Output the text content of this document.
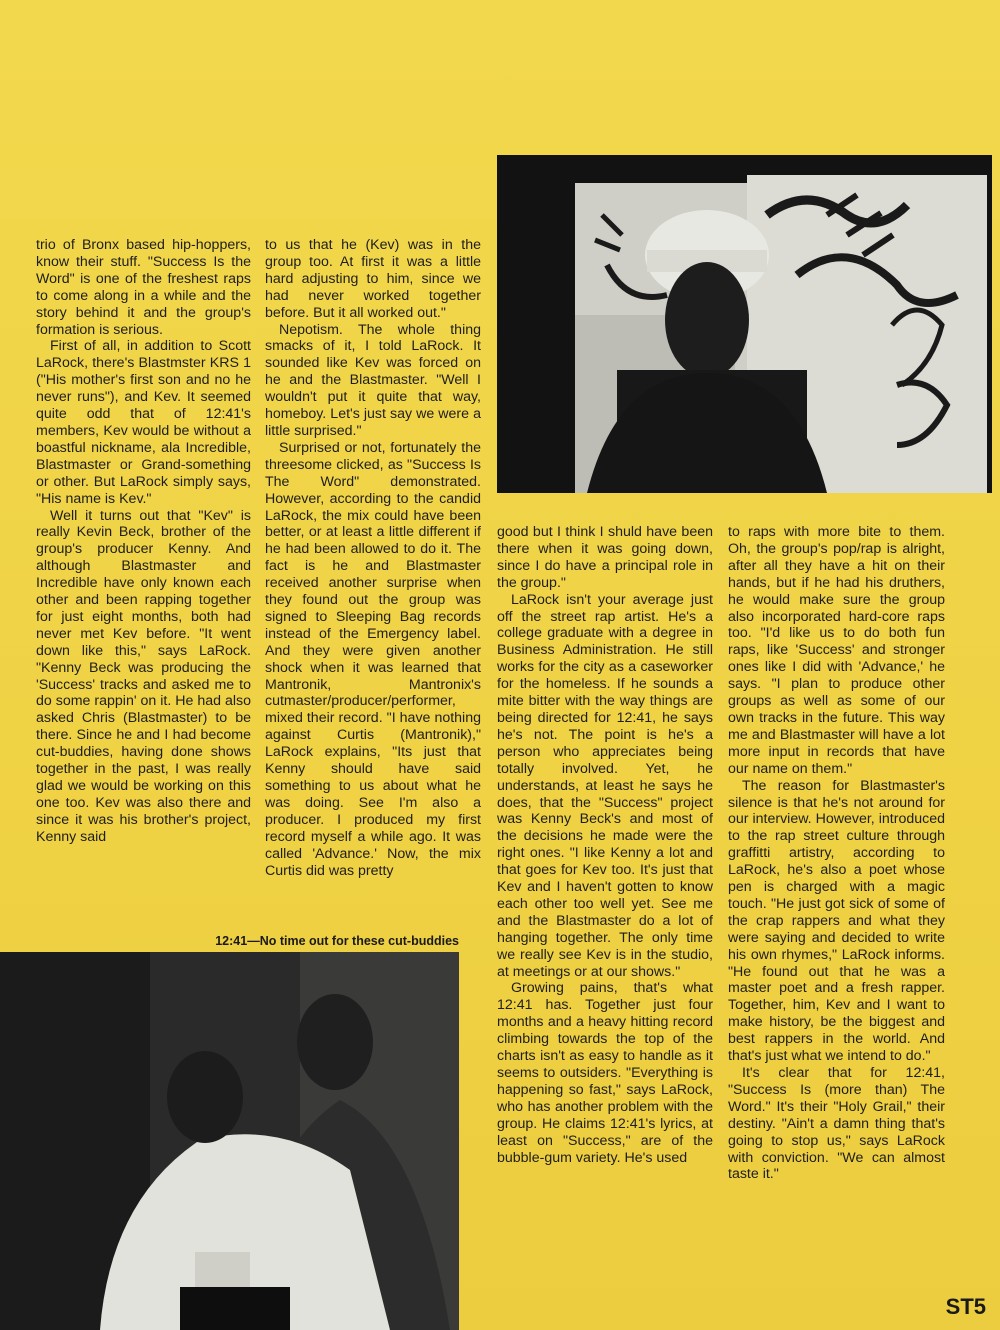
12:41—No time out for these cut-buddies

trio of Bronx based hip-hoppers, know their stuff. "Success Is the Word" is one of the freshest raps to come along in a while and the story behind it and the group's formation is serious.

First of all, in addition to Scott LaRock, there's Blastmster KRS 1 ("His mother's first son and no he never runs"), and Kev. It seemed quite odd that of 12:41's members, Kev would be without a boastful nickname, ala Incredible, Blastmaster or Grand-something or other. But LaRock simply says, "His name is Kev."

Well it turns out that "Kev" is really Kevin Beck, brother of the group's producer Kenny. And although Blastmaster and Incredible have only known each other and been rapping together for just eight months, both had never met Kev before. "It went down like this," says LaRock. "Kenny Beck was producing the 'Success' tracks and asked me to do some rappin' on it. He had also asked Chris (Blastmaster) to be there. Since he and I had become cut-buddies, having done shows together in the past, I was really glad we would be working on this one too. Kev was also there and since it was his brother's project, Kenny said

to us that he (Kev) was in the group too. At first it was a little hard adjusting to him, since we had never worked together before. But it all worked out."

Nepotism. The whole thing smacks of it, I told LaRock. It sounded like Kev was forced on he and the Blastmaster. "Well I wouldn't put it quite that way, homeboy. Let's just say we were a little surprised."

Surprised or not, fortunately the threesome clicked, as "Success Is The Word" demonstrated. However, according to the candid LaRock, the mix could have been better, or at least a little different if he had been allowed to do it. The fact is he and Blastmaster received another surprise when they found out the group was signed to Sleeping Bag records instead of the Emergency label. And they were given another shock when it was learned that Mantronik, Mantronix's cutmaster/producer/performer, mixed their record. "I have nothing against Curtis (Mantronik)," LaRock explains, "Its just that Kenny should have said something to us about what he was doing. See I'm also a producer. I produced my first record myself a while ago. It was called 'Advance.' Now, the mix Curtis did was pretty

good but I think I shuld have been there when it was going down, since I do have a principal role in the group."

LaRock isn't your average just off the street rap artist. He's a college graduate with a degree in Business Administration. He still works for the city as a caseworker for the homeless. If he sounds a mite bitter with the way things are being directed for 12:41, he says he's not. The point is he's a person who appreciates being totally involved. Yet, he understands, at least he says he does, that the "Success" project was Kenny Beck's and most of the decisions he made were the right ones. "I like Kenny a lot and that goes for Kev too. It's just that Kev and I haven't gotten to know each other too well yet. See me and the Blastmaster do a lot of hanging together. The only time we really see Kev is in the studio, at meetings or at our shows."

Growing pains, that's what 12:41 has. Together just four months and a heavy hitting record climbing towards the top of the charts isn't as easy to handle as it seems to outsiders. "Everything is happening so fast," says LaRock, who has another problem with the group. He claims 12:41's lyrics, at least on "Success," are of the bubble-gum variety. He's used

to raps with more bite to them. Oh, the group's pop/rap is alright, after all they have a hit on their hands, but if he had his druthers, he would make sure the group also incorporated hard-core raps too. "I'd like us to do both fun raps, like 'Success' and stronger ones like I did with 'Advance,' he says. "I plan to produce other groups as well as some of our own tracks in the future. This way me and Blastmaster will have a lot more input in records that have our name on them."

The reason for Blastmaster's silence is that he's not around for our interview. However, introduced to the rap street culture through graffitti artistry, according to LaRock, he's also a poet whose pen is charged with a magic touch. "He just got sick of some of the crap rappers and what they were saying and decided to write his own rhymes," LaRock informs. "He found out that he was a master poet and a fresh rapper. Together, him, Kev and I want to make history, be the biggest and best rappers in the world. And that's just what we intend to do."

It's clear that for 12:41, "Success Is (more than) The Word." It's their "Holy Grail," their destiny. "Ain't a damn thing that's going to stop us," says LaRock with conviction. "We can almost taste it."

ST5
